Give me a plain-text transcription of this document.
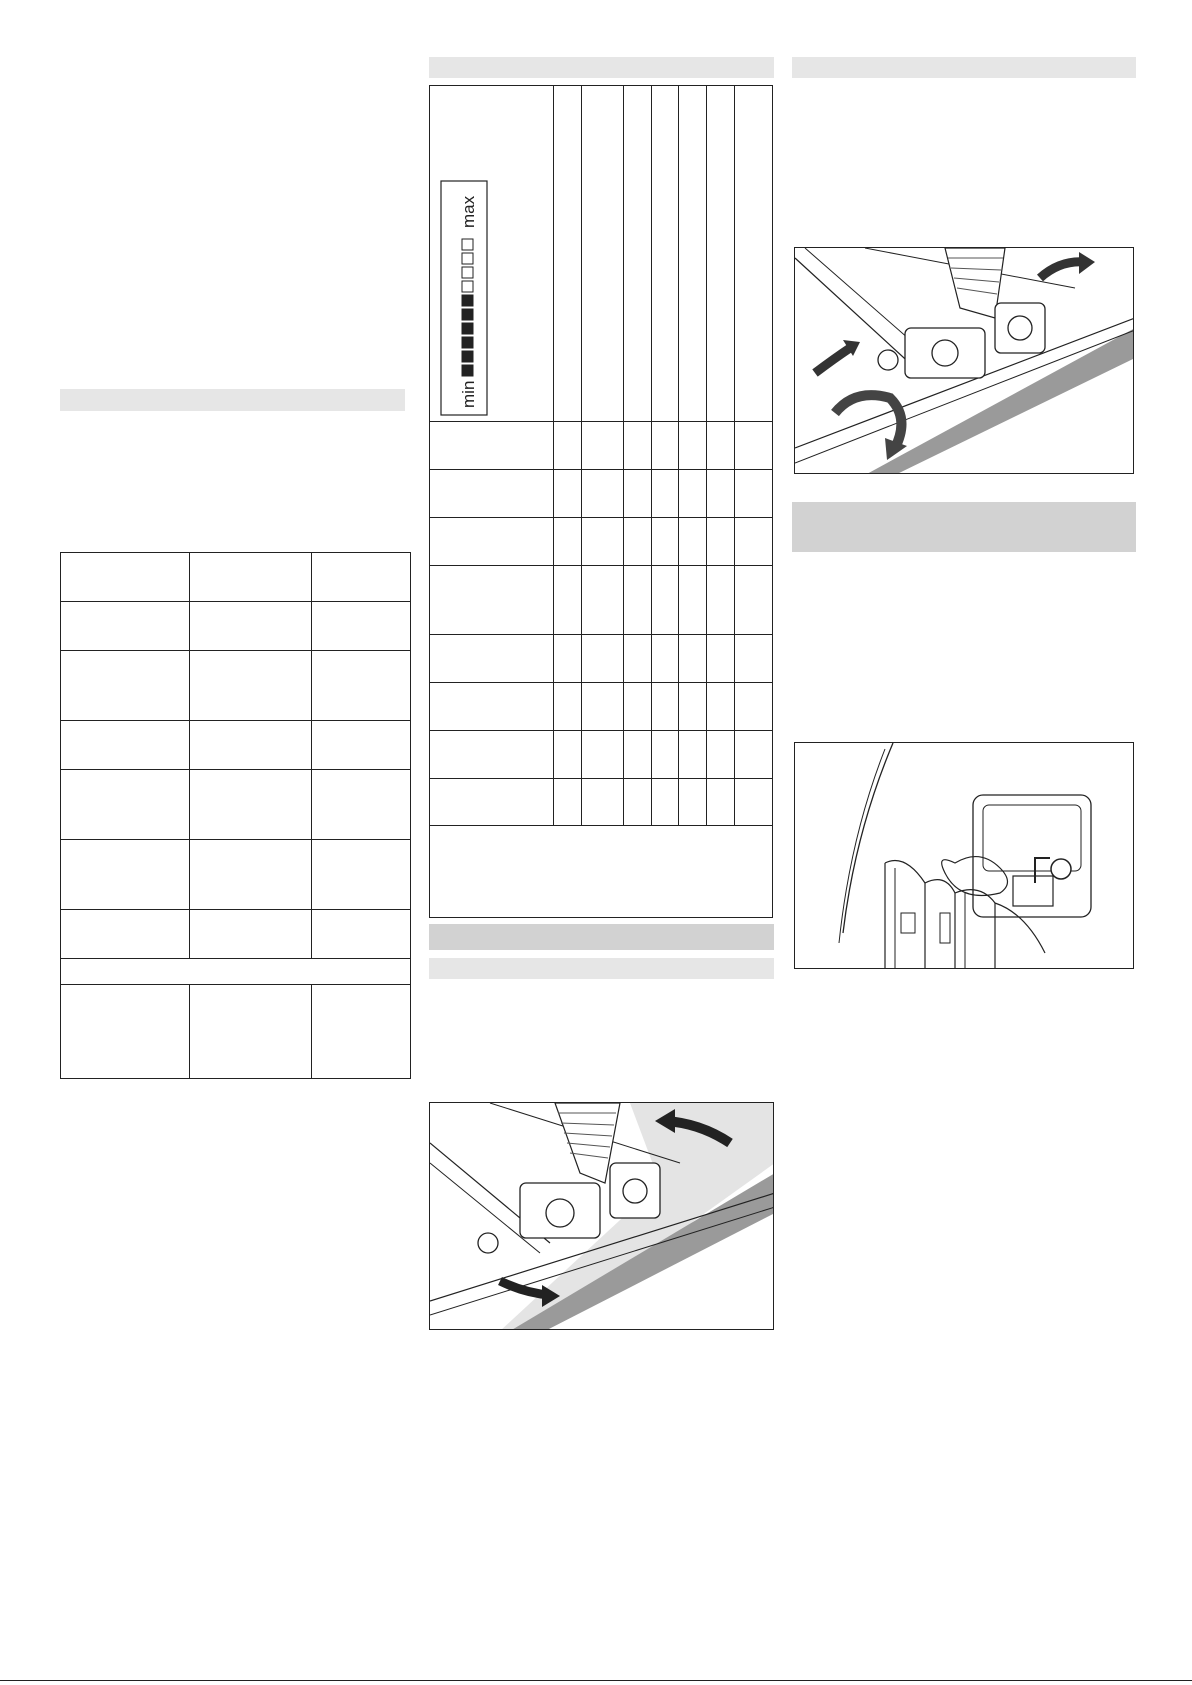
min
max
